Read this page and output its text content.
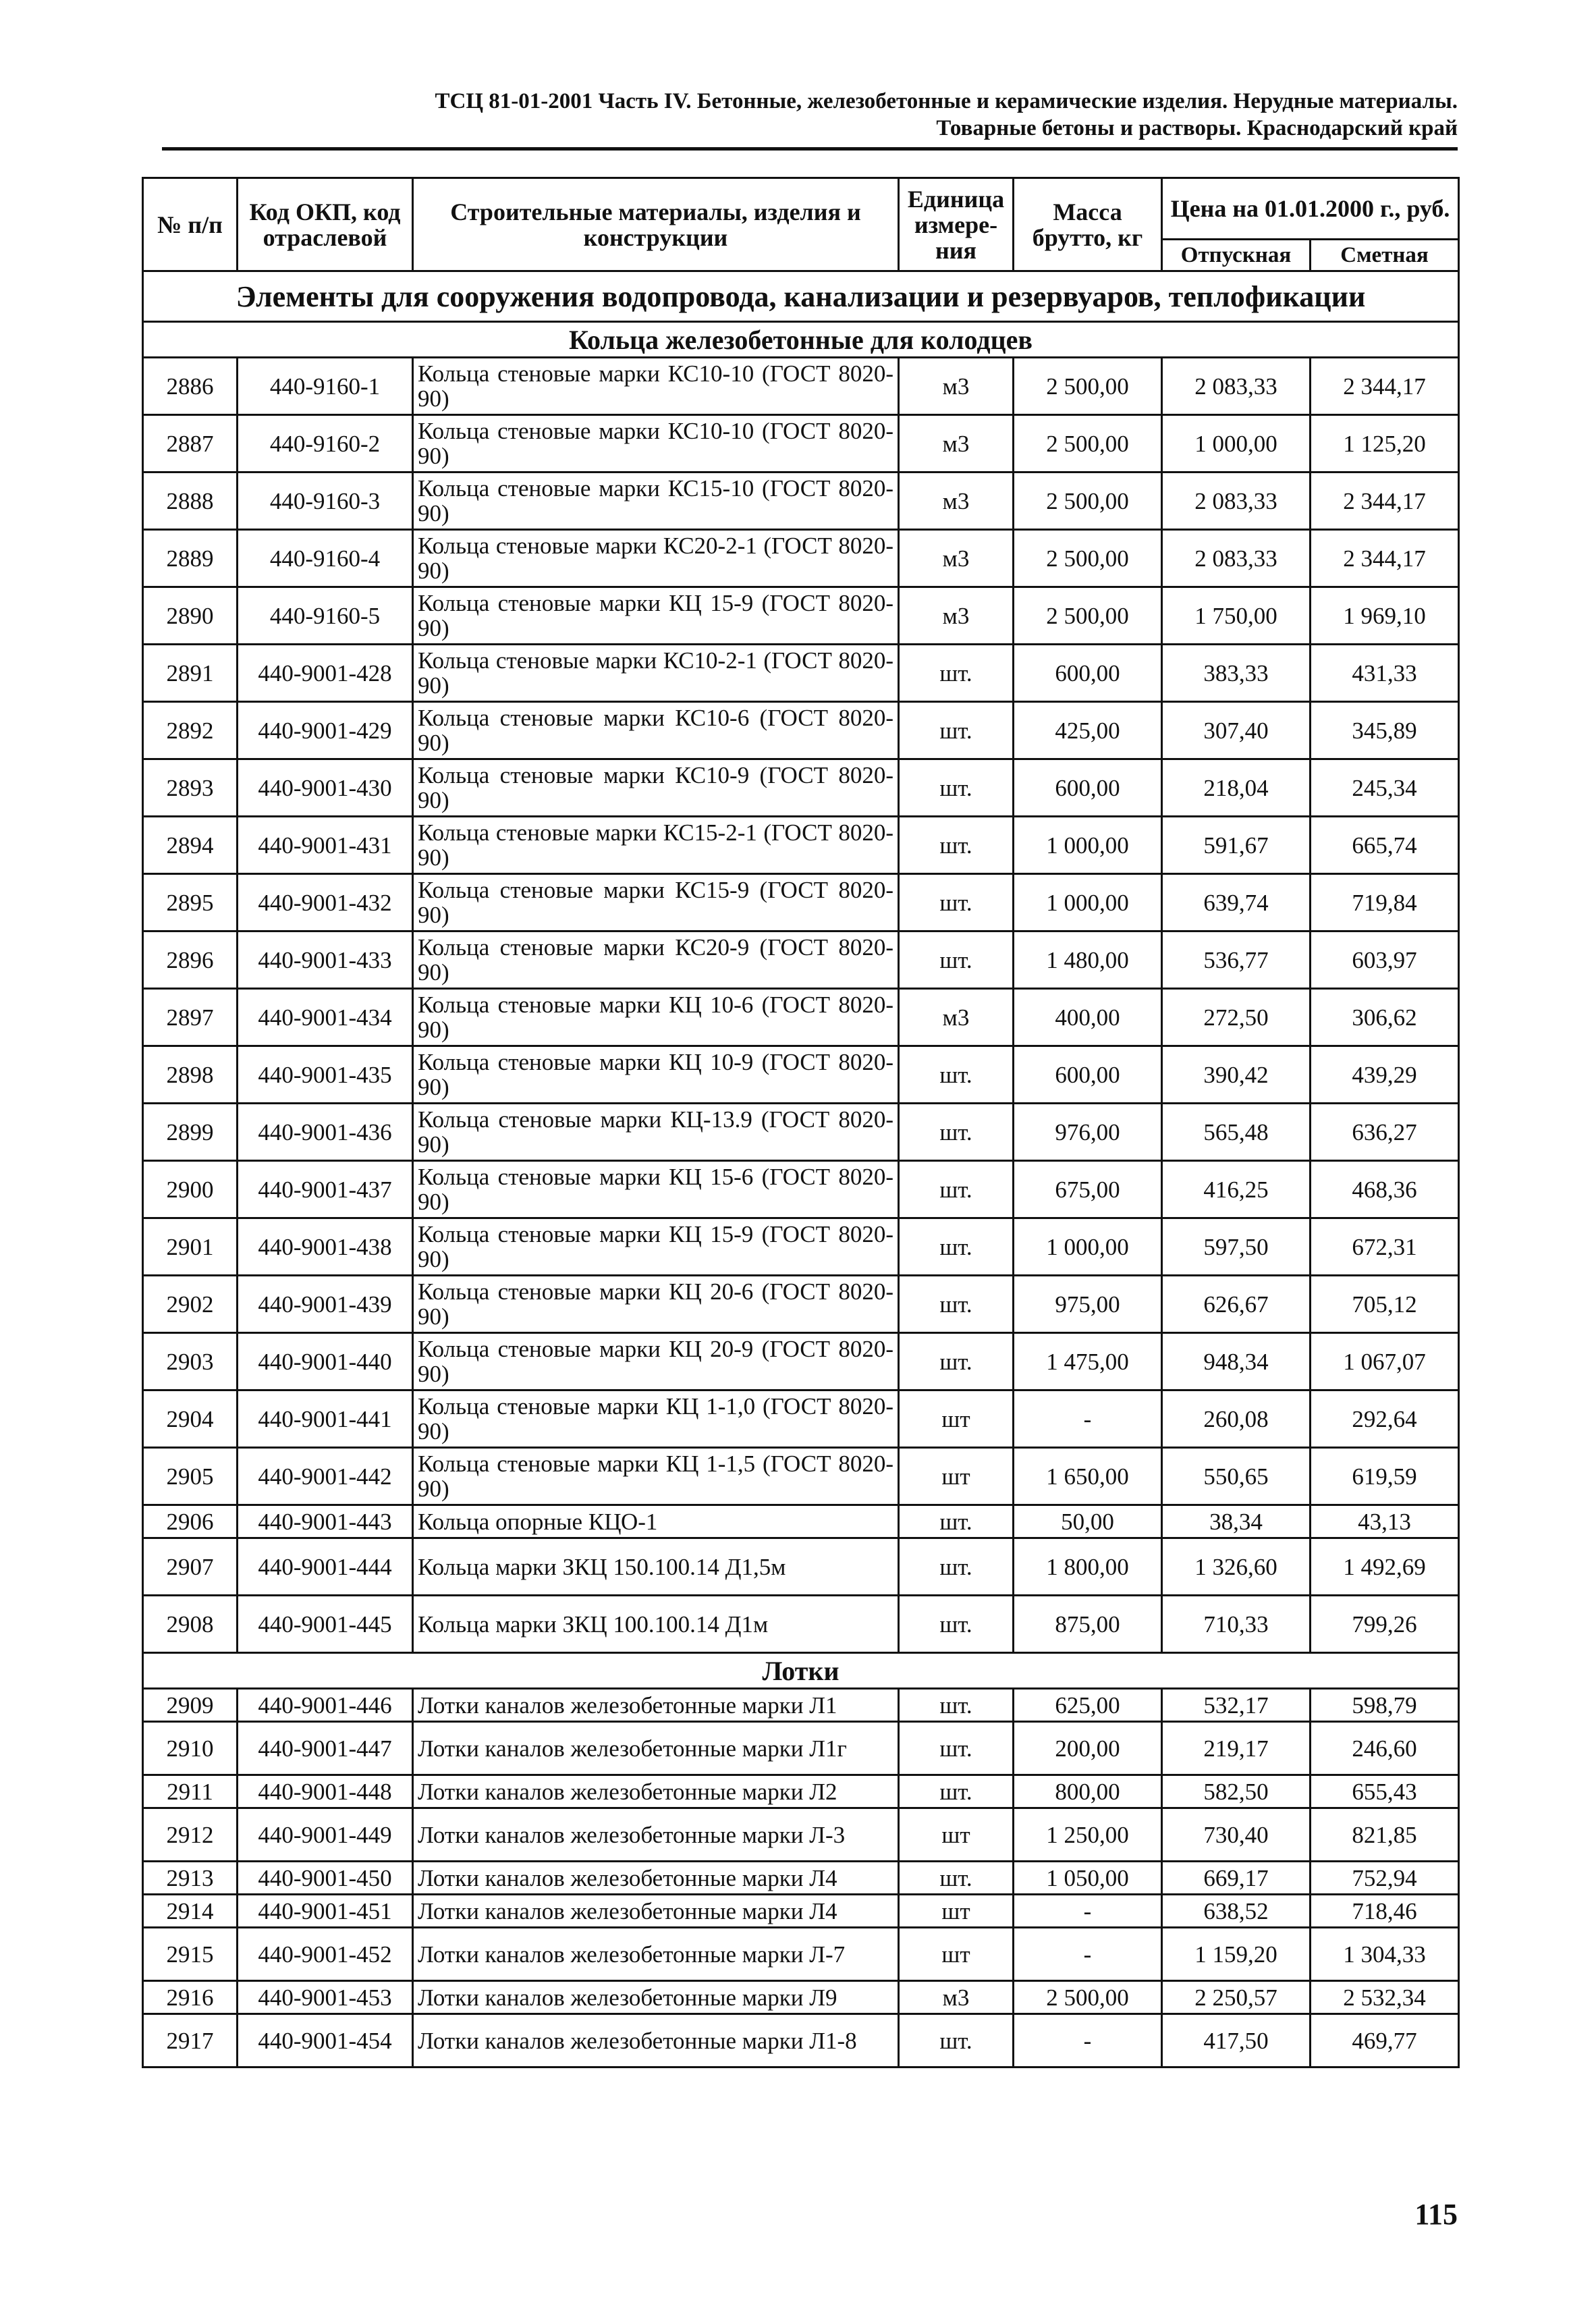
ТСЦ 81-01-2001 Часть IV. Бетонные, железобетонные и керамические изделия. Нерудные материалы.
Товарные бетоны и растворы. Краснодарский край
№ п/п	Код ОКП, код отраслевой	Строительные материалы, изделия и конструкции	Единица измере-ния	Масса брутто, кг	Цена на 01.01.2000 г., руб.	
					Отпускная	Сметная
Элементы для сооружения водопровода, канализации и резервуаров, теплофикации						
Кольца железобетонные для колодцев						
2886	440-9160-1	Кольца стеновые марки КС10-10 (ГОСТ 8020-90)	м3	2 500,00	2 083,33	2 344,17
2887	440-9160-2	Кольца стеновые марки КС10-10 (ГОСТ 8020-90)	м3	2 500,00	1 000,00	1 125,20
2888	440-9160-3	Кольца стеновые марки КС15-10 (ГОСТ 8020-90)	м3	2 500,00	2 083,33	2 344,17
2889	440-9160-4	Кольца стеновые марки КС20-2-1 (ГОСТ 8020-90)	м3	2 500,00	2 083,33	2 344,17
2890	440-9160-5	Кольца стеновые марки КЦ 15-9 (ГОСТ 8020-90)	м3	2 500,00	1 750,00	1 969,10
2891	440-9001-428	Кольца стеновые марки КС10-2-1 (ГОСТ 8020-90)	шт.	600,00	383,33	431,33
2892	440-9001-429	Кольца стеновые марки КС10-6 (ГОСТ 8020-90)	шт.	425,00	307,40	345,89
2893	440-9001-430	Кольца стеновые марки КС10-9 (ГОСТ 8020-90)	шт.	600,00	218,04	245,34
2894	440-9001-431	Кольца стеновые марки КС15-2-1 (ГОСТ 8020-90)	шт.	1 000,00	591,67	665,74
2895	440-9001-432	Кольца стеновые марки КС15-9 (ГОСТ 8020-90)	шт.	1 000,00	639,74	719,84
2896	440-9001-433	Кольца стеновые марки КС20-9 (ГОСТ 8020-90)	шт.	1 480,00	536,77	603,97
2897	440-9001-434	Кольца стеновые марки КЦ 10-6 (ГОСТ 8020-90)	м3	400,00	272,50	306,62
2898	440-9001-435	Кольца стеновые марки КЦ 10-9 (ГОСТ 8020-90)	шт.	600,00	390,42	439,29
2899	440-9001-436	Кольца стеновые марки КЦ-13.9 (ГОСТ 8020-90)	шт.	976,00	565,48	636,27
2900	440-9001-437	Кольца стеновые марки КЦ 15-6 (ГОСТ 8020-90)	шт.	675,00	416,25	468,36
2901	440-9001-438	Кольца стеновые марки КЦ 15-9 (ГОСТ 8020-90)	шт.	1 000,00	597,50	672,31
2902	440-9001-439	Кольца стеновые марки КЦ 20-6 (ГОСТ 8020-90)	шт.	975,00	626,67	705,12
2903	440-9001-440	Кольца стеновые марки КЦ 20-9 (ГОСТ 8020-90)	шт.	1 475,00	948,34	1 067,07
2904	440-9001-441	Кольца стеновые марки КЦ 1-1,0 (ГОСТ 8020-90)	шт	-	260,08	292,64
2905	440-9001-442	Кольца стеновые марки КЦ 1-1,5 (ГОСТ 8020-90)	шт	1 650,00	550,65	619,59
2906	440-9001-443	Кольца опорные КЦО-1	шт.	50,00	38,34	43,13
2907	440-9001-444	Кольца марки ЗКЦ 150.100.14 Д1,5м	шт.	1 800,00	1 326,60	1 492,69
2908	440-9001-445	Кольца марки ЗКЦ 100.100.14 Д1м	шт.	875,00	710,33	799,26
Лотки						
2909	440-9001-446	Лотки каналов железобетонные марки Л1	шт.	625,00	532,17	598,79
2910	440-9001-447	Лотки каналов железобетонные марки Л1г	шт.	200,00	219,17	246,60
2911	440-9001-448	Лотки каналов железобетонные марки Л2	шт.	800,00	582,50	655,43
2912	440-9001-449	Лотки каналов железобетонные марки Л-3	шт	1 250,00	730,40	821,85
2913	440-9001-450	Лотки каналов железобетонные марки Л4	шт.	1 050,00	669,17	752,94
2914	440-9001-451	Лотки каналов железобетонные марки Л4	шт	-	638,52	718,46
2915	440-9001-452	Лотки каналов железобетонные марки Л-7	шт	-	1 159,20	1 304,33
2916	440-9001-453	Лотки каналов железобетонные марки Л9	м3	2 500,00	2 250,57	2 532,34
2917	440-9001-454	Лотки каналов железобетонные марки Л1-8	шт.	-	417,50	469,77
115
